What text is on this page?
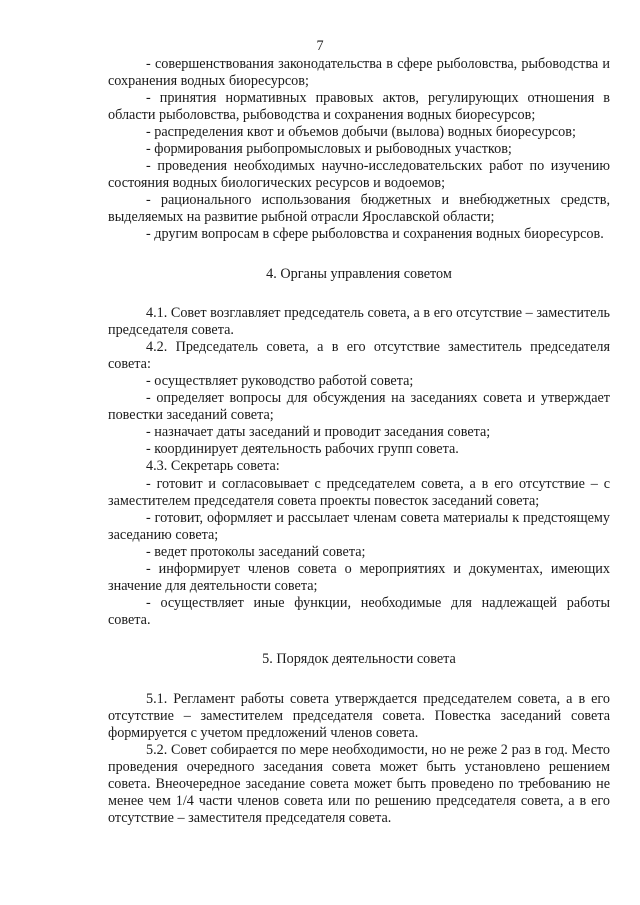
7

- совершенствования законодательства в сфере рыболовства, рыбоводства и сохранения водных биоресурсов;

- принятия нормативных правовых актов, регулирующих отношения в области рыболовства, рыбоводства и сохранения водных биоресурсов;

- распределения квот и объемов добычи (вылова) водных биоресурсов;

- формирования рыбопромысловых и рыбоводных участков;

- проведения необходимых научно-исследовательских работ по изучению состояния водных биологических ресурсов и водоемов;

- рационального использования бюджетных и внебюджетных средств, выделяемых на развитие рыбной отрасли Ярославской области;

- другим вопросам в сфере рыболовства и сохранения водных биоресурсов.

4. Органы управления советом

4.1. Совет возглавляет председатель совета, а в его отсутствие – заместитель председателя совета.

4.2. Председатель совета, а в его отсутствие заместитель председателя совета:

- осуществляет руководство работой совета;

- определяет вопросы для обсуждения на заседаниях совета и утверждает повестки заседаний совета;

- назначает даты заседаний и проводит заседания совета;

- координирует деятельность рабочих групп совета.

4.3. Секретарь совета:

- готовит и согласовывает с председателем совета, а в его отсутствие – с заместителем председателя совета проекты повесток заседаний совета;

- готовит, оформляет и рассылает членам совета материалы к предстоящему заседанию совета;

- ведет протоколы заседаний совета;

- информирует членов совета о мероприятиях и документах, имеющих значение для деятельности совета;

- осуществляет иные функции, необходимые для надлежащей работы совета.

5. Порядок деятельности совета

5.1. Регламент работы совета утверждается председателем совета, а в его отсутствие – заместителем председателя совета. Повестка заседаний совета формируется с учетом предложений членов совета.

5.2. Совет собирается по мере необходимости, но не реже 2 раз в год. Место проведения очередного заседания совета может быть установлено решением совета. Внеочередное заседание совета может быть проведено по требованию не менее чем 1/4 части членов совета или по решению председателя совета, а в его отсутствие – заместителя председателя совета.
